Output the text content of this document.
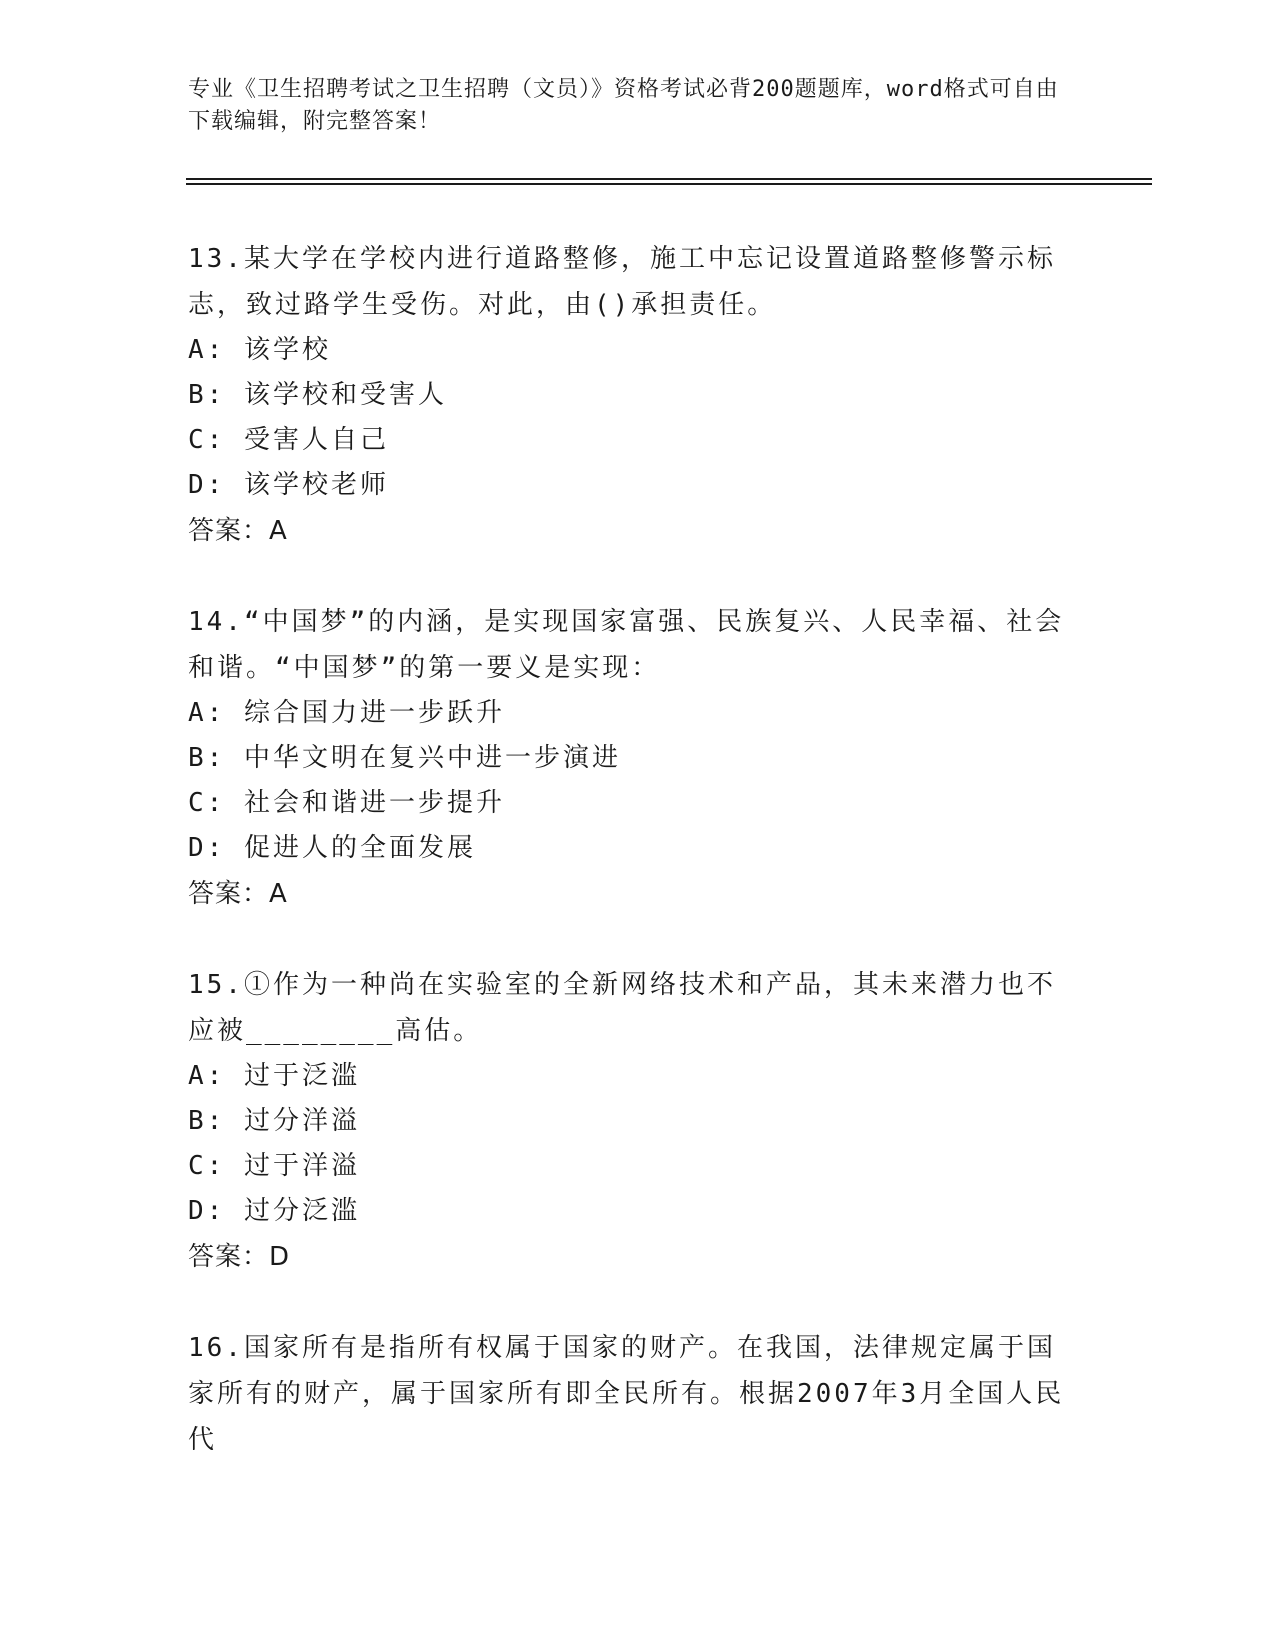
专业《卫生招聘考试之卫生招聘（文员）》资格考试必背200题题库，word格式可自由下载编辑，附完整答案！

13.某大学在学校内进行道路整修，施工中忘记设置道路整修警示标志，致过路学生受伤。对此，由()承担责任。

A: 该学校

B: 该学校和受害人

C: 受害人自己

D: 该学校老师

答案：A

14.“中国梦”的内涵，是实现国家富强、民族复兴、人民幸福、社会和谐。“中国梦”的第一要义是实现：

A: 综合国力进一步跃升

B: 中华文明在复兴中进一步演进

C: 社会和谐进一步提升

D: 促进人的全面发展

答案：A

15.①作为一种尚在实验室的全新网络技术和产品，其未来潜力也不应被________高估。

A: 过于泛滥

B: 过分洋溢

C: 过于洋溢

D: 过分泛滥

答案：D

16.国家所有是指所有权属于国家的财产。在我国，法律规定属于国家所有的财产，属于国家所有即全民所有。根据2007年3月全国人民代
